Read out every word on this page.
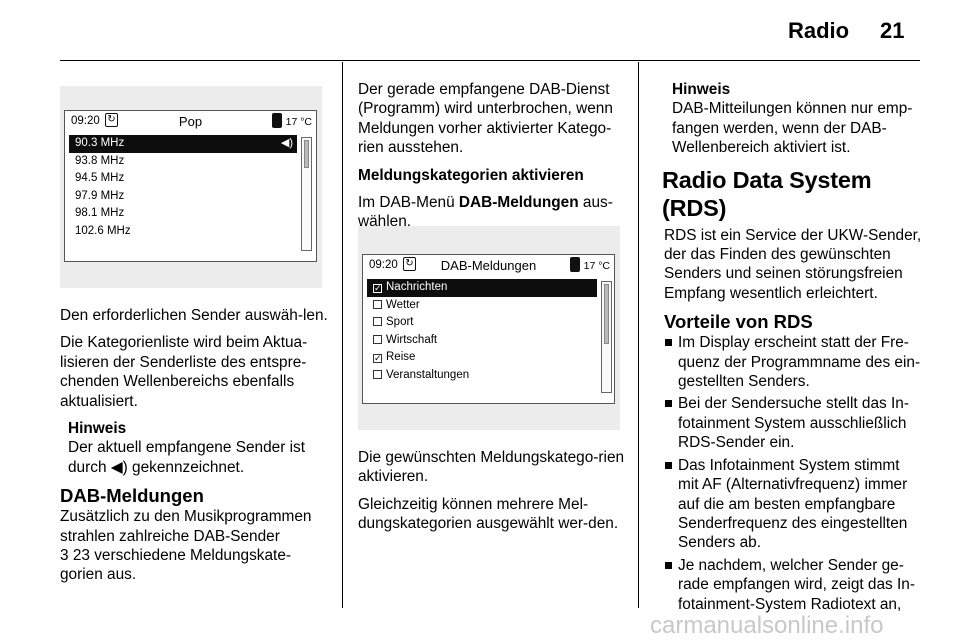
Radio 21
09:20 ↻	Pop	17 °C
90.3 MHz	◀)
93.8 MHz
94.5 MHz
97.9 MHz
98.1 MHz
102.6 MHz
09:20 ↻	DAB-Meldungen	17 °C
✓ Nachrichten
Wetter
Sport
Wirtschaft
✓ Reise
Veranstaltungen

Den erforderlichen Sender auswäh-len.

Die Kategorienliste wird beim Aktua-lisieren der Senderliste des entspre-chenden Wellenbereichs ebenfalls aktualisiert.

Hinweis
Der aktuell empfangene Sender ist durch ◀) gekennzeichnet.
DAB-Meldungen
Zusätzlich zu den Musikprogrammen strahlen zahlreiche DAB-Sender
3 23 verschiedene Meldungskate-gorien aus.

Der gerade empfangene DAB-Dienst (Programm) wird unterbrochen, wenn Meldungen vorher aktivierter Katego-rien ausstehen.

Meldungskategorien aktivieren

Im DAB-Menü DAB-Meldungen aus-wählen.

Die gewünschten Meldungskatego-rien aktivieren.

Gleichzeitig können mehrere Mel-dungskategorien ausgewählt wer-den.

Hinweis
DAB-Mitteilungen können nur emp-fangen werden, wenn der DAB-Wellenbereich aktiviert ist.
Radio Data System (RDS)

RDS ist ein Service der UKW-Sender, der das Finden des gewünschten Senders und seinen störungsfreien Empfang wesentlich erleichtert.

Vorteile von RDS
Im Display erscheint statt der Fre-quenz der Programmname des ein-gestellten Senders.
Bei der Sendersuche stellt das In-fotainment System ausschließlich RDS-Sender ein.
Das Infotainment System stimmt mit AF (Alternativfrequenz) immer auf die am besten empfangbare Senderfrequenz des eingestellten Senders ab.
Je nachdem, welcher Sender ge-rade empfangen wird, zeigt das In-fotainment-System Radiotext an,
carmanualsonline.info
